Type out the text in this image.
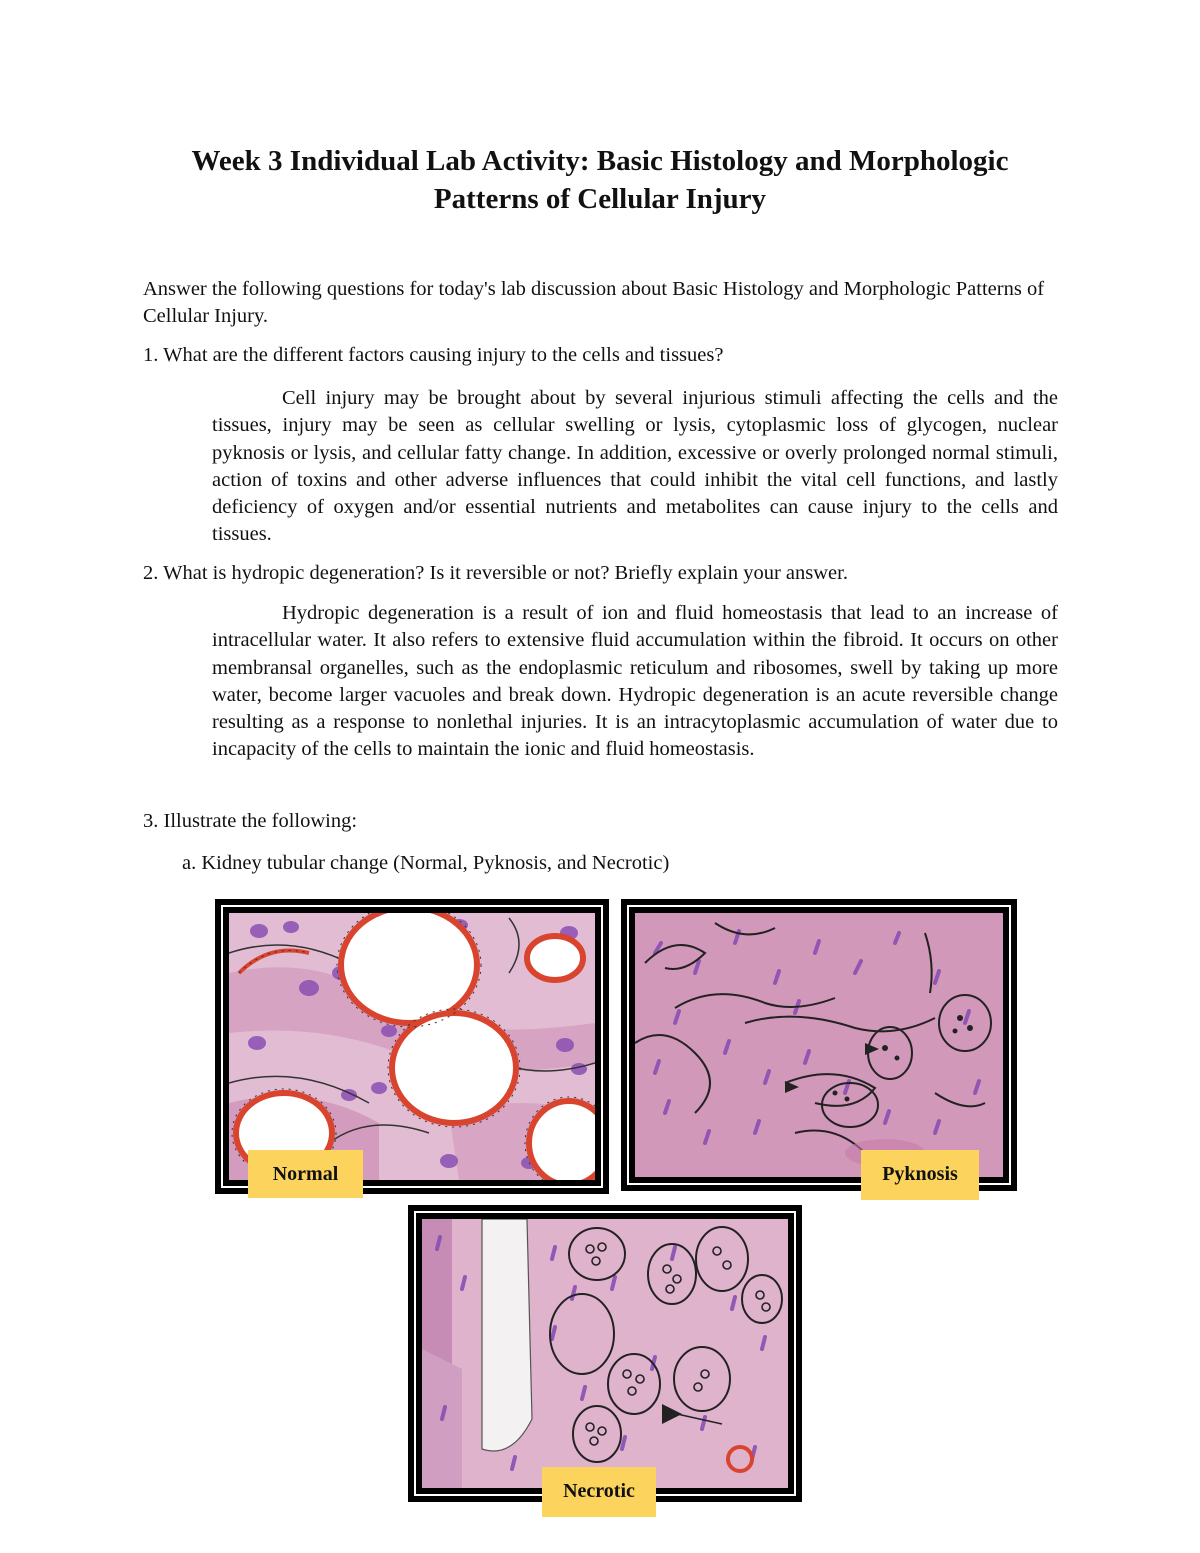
Week 3 Individual Lab Activity: Basic Histology and Morphologic
Patterns of Cellular Injury
Answer the following questions for today's lab discussion about Basic Histology and Morphologic Patterns of Cellular Injury.
1. What are the different factors causing injury to the cells and tissues?
Cell injury may be brought about by several injurious stimuli affecting the cells and the tissues, injury may be seen as cellular swelling or lysis, cytoplasmic loss of glycogen, nuclear pyknosis or lysis, and cellular fatty change. In addition, excessive or overly prolonged normal stimuli, action of toxins and other adverse influences that could inhibit the vital cell functions, and lastly deficiency of oxygen and/or essential nutrients and metabolites can cause injury to the cells and tissues.
2. What is hydropic degeneration? Is it reversible or not? Briefly explain your answer.
Hydropic degeneration is a result of ion and fluid homeostasis that lead to an increase of intracellular water. It also refers to extensive fluid accumulation within the fibroid. It occurs on other membransal organelles, such as the endoplasmic reticulum and ribosomes, swell by taking up more water, become larger vacuoles and break down. Hydropic degeneration is an acute reversible change resulting as a response to nonlethal injuries. It is an intracytoplasmic accumulation of water due to incapacity of the cells to maintain the ionic and fluid homeostasis.
3. Illustrate the following:
a. Kidney tubular change (Normal, Pyknosis, and Necrotic)
Normal	Pyknosis
Necrotic
